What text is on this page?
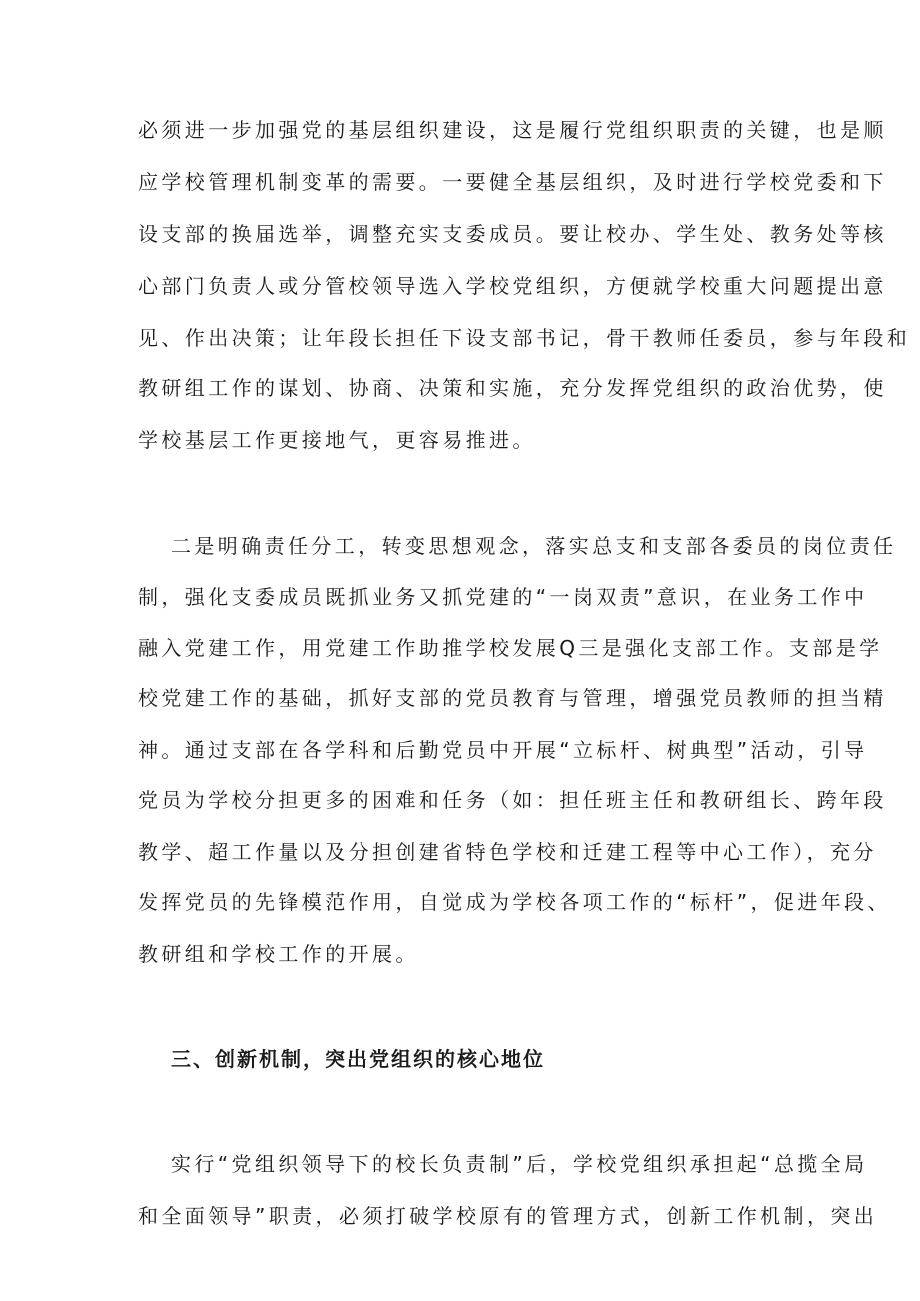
必须进一步加强党的基层组织建设，这是履行党组织职责的关键，也是顺
应学校管理机制变革的需要。一要健全基层组织，及时进行学校党委和下
设支部的换届选举，调整充实支委成员。要让校办、学生处、教务处等核
心部门负责人或分管校领导选入学校党组织，方便就学校重大问题提出意
见、作出决策；让年段长担任下设支部书记，骨干教师任委员，参与年段和
教研组工作的谋划、协商、决策和实施，充分发挥党组织的政治优势，使
学校基层工作更接地气，更容易推进。
二是明确责任分工，转变思想观念，落实总支和支部各委员的岗位责任
制，强化支委成员既抓业务又抓党建的“一岗双责”意识，在业务工作中
融入党建工作，用党建工作助推学校发展Q三是强化支部工作。支部是学
校党建工作的基础，抓好支部的党员教育与管理，增强党员教师的担当精
神。通过支部在各学科和后勤党员中开展“立标杆、树典型”活动，引导
党员为学校分担更多的困难和任务（如：担任班主任和教研组长、跨年段
教学、超工作量以及分担创建省特色学校和迁建工程等中心工作），充分
发挥党员的先锋模范作用，自觉成为学校各项工作的“标杆”，促进年段、
教研组和学校工作的开展。
三、创新机制，突出党组织的核心地位
实行“党组织领导下的校长负责制”后，学校党组织承担起“总揽全局
和全面领导”职责，必须打破学校原有的管理方式，创新工作机制，突出
